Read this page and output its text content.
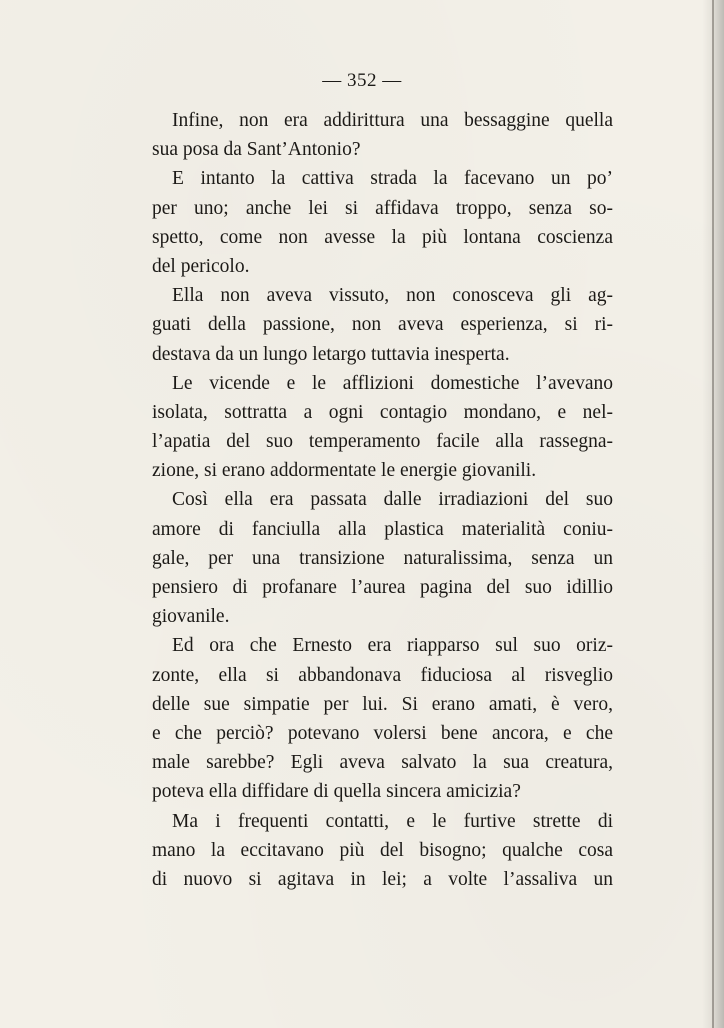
— 352 —
Infine, non era addirittura una bessaggine quella
sua posa da Sant’Antonio?
E intanto la cattiva strada la facevano un po’
per uno; anche lei si affidava troppo, senza so-
spetto, come non avesse la più lontana coscienza
del pericolo.
Ella non aveva vissuto, non conosceva gli ag-
guati della passione, non aveva esperienza, si ri-
destava da un lungo letargo tuttavia inesperta.
Le vicende e le afflizioni domestiche l’avevano
isolata, sottratta a ogni contagio mondano, e nel-
l’apatia del suo temperamento facile alla rassegna-
zione, si erano addormentate le energie giovanili.
Così ella era passata dalle irradiazioni del suo
amore di fanciulla alla plastica materialità coniu-
gale, per una transizione naturalissima, senza un
pensiero di profanare l’aurea pagina del suo idillio
giovanile.
Ed ora che Ernesto era riapparso sul suo oriz-
zonte, ella si abbandonava fiduciosa al risveglio
delle sue simpatie per lui. Si erano amati, è vero,
e che perciò? potevano volersi bene ancora, e che
male sarebbe? Egli aveva salvato la sua creatura,
poteva ella diffidare di quella sincera amicizia?
Ma i frequenti contatti, e le furtive strette di
mano la eccitavano più del bisogno; qualche cosa
di nuovo si agitava in lei; a volte l’assaliva un
